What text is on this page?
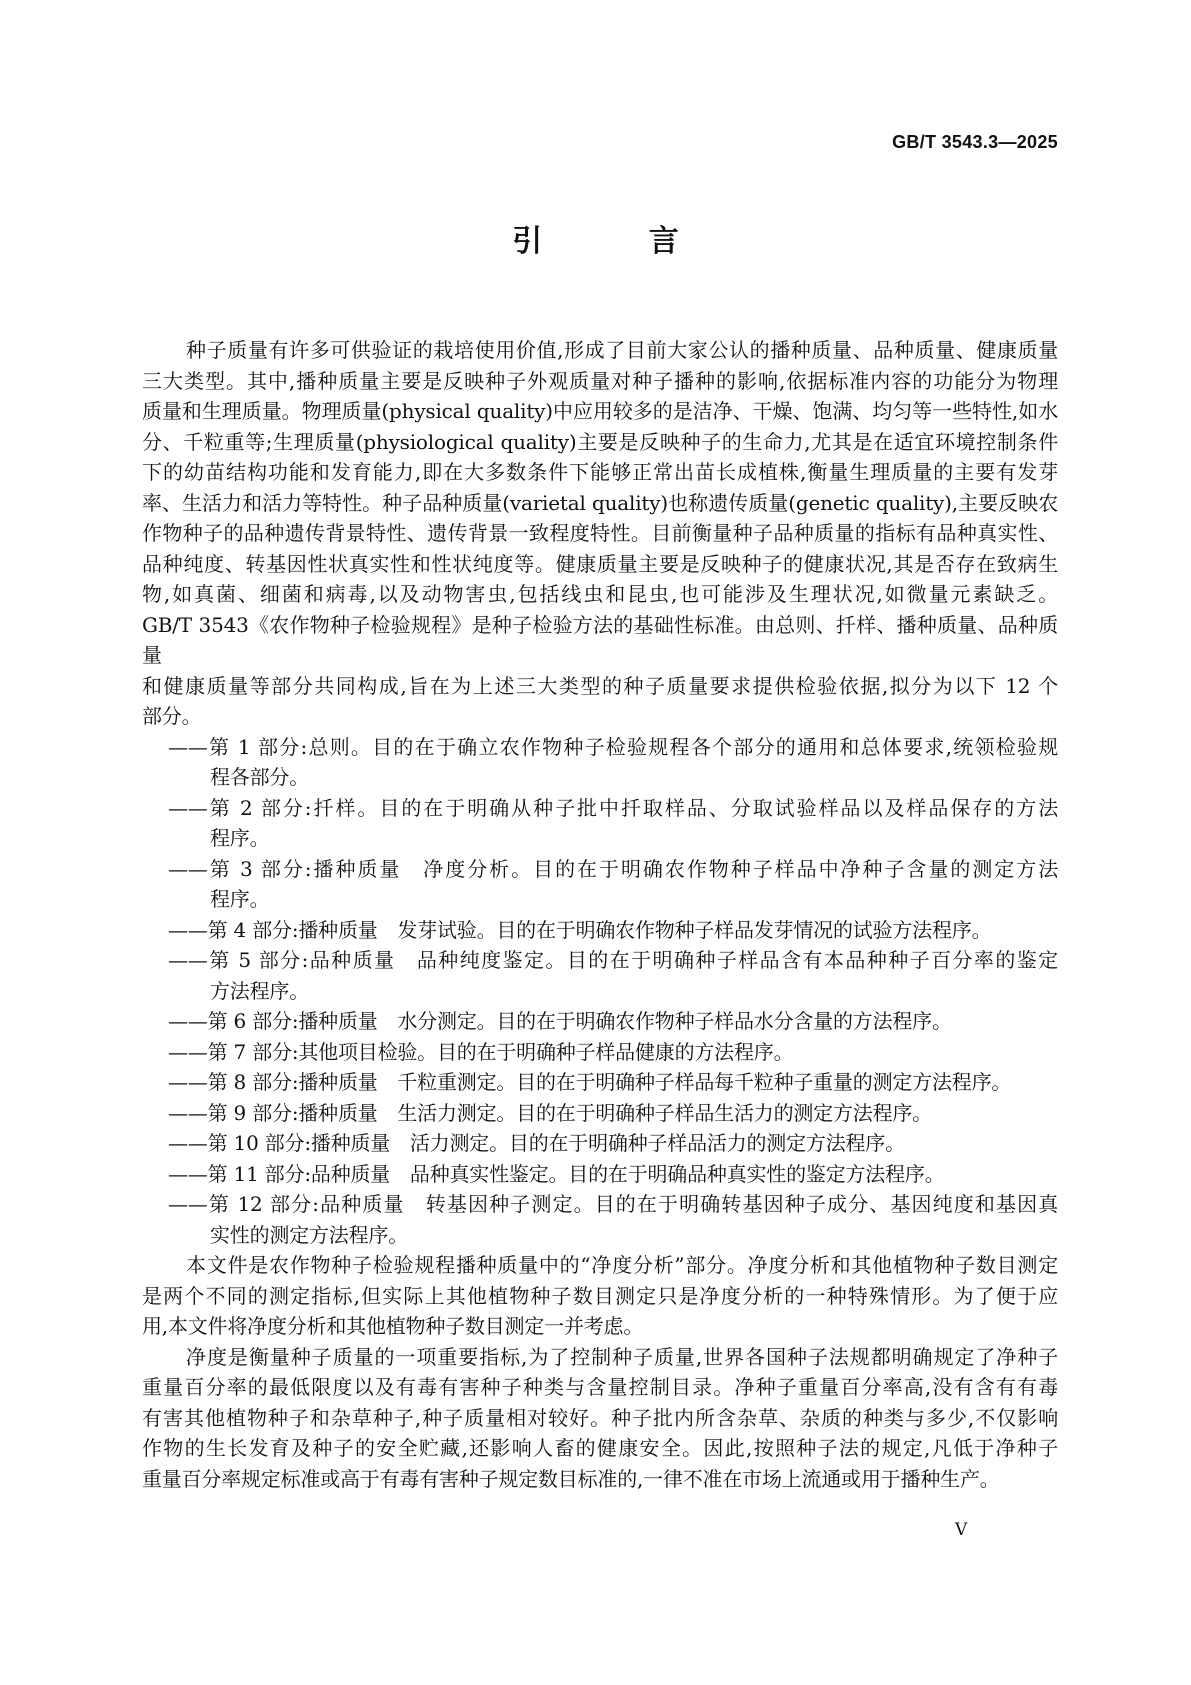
GB/T 3543.3—2025
引 言
种子质量有许多可供验证的栽培使用价值,形成了目前大家公认的播种质量、品种质量、健康质量
三大类型。其中,播种质量主要是反映种子外观质量对种子播种的影响,依据标准内容的功能分为物理
质量和生理质量。物理质量(physical quality)中应用较多的是洁净、干燥、饱满、均匀等一些特性,如水
分、千粒重等;生理质量(physiological quality)主要是反映种子的生命力,尤其是在适宜环境控制条件
下的幼苗结构功能和发育能力,即在大多数条件下能够正常出苗长成植株,衡量生理质量的主要有发芽
率、生活力和活力等特性。种子品种质量(varietal quality)也称遗传质量(genetic quality),主要反映农
作物种子的品种遗传背景特性、遗传背景一致程度特性。目前衡量种子品种质量的指标有品种真实性、
品种纯度、转基因性状真实性和性状纯度等。健康质量主要是反映种子的健康状况,其是否存在致病生
物,如真菌、细菌和病毒,以及动物害虫,包括线虫和昆虫,也可能涉及生理状况,如微量元素缺乏。
GB/T 3543《农作物种子检验规程》是种子检验方法的基础性标准。由总则、扦样、播种质量、品种质量
和健康质量等部分共同构成,旨在为上述三大类型的种子质量要求提供检验依据,拟分为以下 12 个
部分。
——第 1 部分:总则。目的在于确立农作物种子检验规程各个部分的通用和总体要求,统领检验规
程各部分。
——第 2 部分:扦样。目的在于明确从种子批中扦取样品、分取试验样品以及样品保存的方法
程序。
——第 3 部分:播种质量　净度分析。目的在于明确农作物种子样品中净种子含量的测定方法
程序。
——第 4 部分:播种质量　发芽试验。目的在于明确农作物种子样品发芽情况的试验方法程序。
——第 5 部分:品种质量　品种纯度鉴定。目的在于明确种子样品含有本品种种子百分率的鉴定
方法程序。
——第 6 部分:播种质量　水分测定。目的在于明确农作物种子样品水分含量的方法程序。
——第 7 部分:其他项目检验。目的在于明确种子样品健康的方法程序。
——第 8 部分:播种质量　千粒重测定。目的在于明确种子样品每千粒种子重量的测定方法程序。
——第 9 部分:播种质量　生活力测定。目的在于明确种子样品生活力的测定方法程序。
——第 10 部分:播种质量　活力测定。目的在于明确种子样品活力的测定方法程序。
——第 11 部分:品种质量　品种真实性鉴定。目的在于明确品种真实性的鉴定方法程序。
——第 12 部分:品种质量　转基因种子测定。目的在于明确转基因种子成分、基因纯度和基因真
实性的测定方法程序。
本文件是农作物种子检验规程播种质量中的“净度分析”部分。净度分析和其他植物种子数目测定
是两个不同的测定指标,但实际上其他植物种子数目测定只是净度分析的一种特殊情形。为了便于应
用,本文件将净度分析和其他植物种子数目测定一并考虑。
净度是衡量种子质量的一项重要指标,为了控制种子质量,世界各国种子法规都明确规定了净种子
重量百分率的最低限度以及有毒有害种子种类与含量控制目录。净种子重量百分率高,没有含有有毒
有害其他植物种子和杂草种子,种子质量相对较好。种子批内所含杂草、杂质的种类与多少,不仅影响
作物的生长发育及种子的安全贮藏,还影响人畜的健康安全。因此,按照种子法的规定,凡低于净种子
重量百分率规定标准或高于有毒有害种子规定数目标准的,一律不准在市场上流通或用于播种生产。
V
